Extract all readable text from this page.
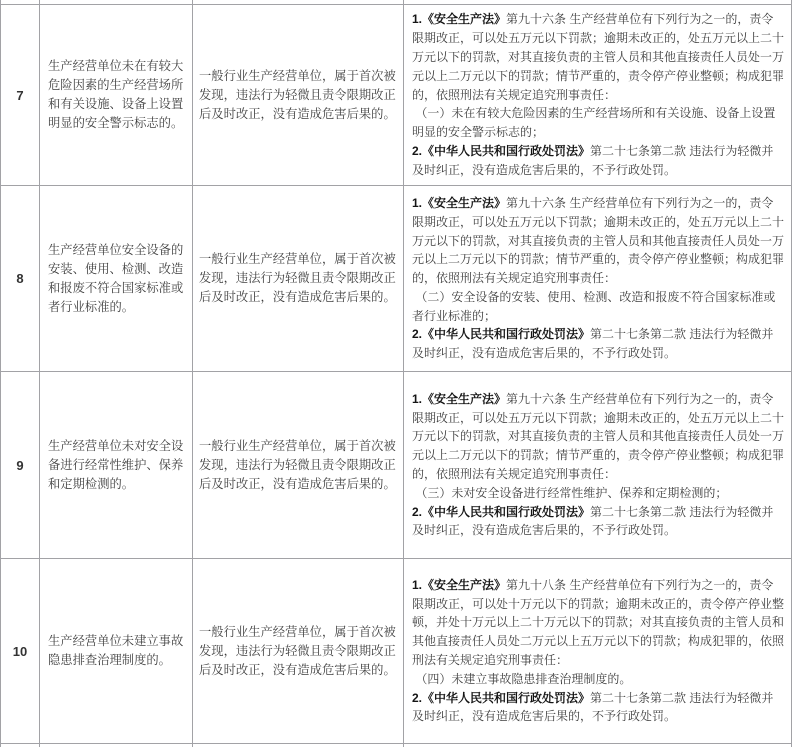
7	生产经营单位未在有较大危险因素的生产经营场所和有关设施、设备上设置明显的安全警示标志的。	一般行业生产经营单位，属于首次被发现，违法行为轻微且责令限期改正后及时改正，没有造成危害后果的。	1.《安全生产法》第九十六条 生产经营单位有下列行为之一的，责令限期改正，可以处五万元以下罚款；逾期未改正的，处五万元以上二十万元以下的罚款，对其直接负责的主管人员和其他直接责任人员处一万元以上二万元以下的罚款；情节严重的，责令停产停业整顿；构成犯罪的，依照刑法有关规定追究刑事责任：
（一）未在有较大危险因素的生产经营场所和有关设施、设备上设置明显的安全警示标志的；
2.《中华人民共和国行政处罚法》第二十七条第二款 违法行为轻微并及时纠正，没有造成危害后果的，不予行政处罚。

8	生产经营单位安全设备的安装、使用、检测、改造和报废不符合国家标准或者行业标准的。	一般行业生产经营单位，属于首次被发现，违法行为轻微且责令限期改正后及时改正，没有造成危害后果的。	1.《安全生产法》第九十六条 生产经营单位有下列行为之一的，责令限期改正，可以处五万元以下罚款；逾期未改正的，处五万元以上二十万元以下的罚款，对其直接负责的主管人员和其他直接责任人员处一万元以上二万元以下的罚款；情节严重的，责令停产停业整顿；构成犯罪的，依照刑法有关规定追究刑事责任：
（二）安全设备的安装、使用、检测、改造和报废不符合国家标准或者行业标准的；
2.《中华人民共和国行政处罚法》第二十七条第二款 违法行为轻微并及时纠正，没有造成危害后果的，不予行政处罚。

9	生产经营单位未对安全设备进行经常性维护、保养和定期检测的。	一般行业生产经营单位，属于首次被发现，违法行为轻微且责令限期改正后及时改正，没有造成危害后果的。	1.《安全生产法》第九十六条 生产经营单位有下列行为之一的，责令限期改正，可以处五万元以下罚款；逾期未改正的，处五万元以上二十万元以下的罚款，对其直接负责的主管人员和其他直接责任人员处一万元以上二万元以下的罚款；情节严重的，责令停产停业整顿；构成犯罪的，依照刑法有关规定追究刑事责任：
（三）未对安全设备进行经常性维护、保养和定期检测的；
2.《中华人民共和国行政处罚法》第二十七条第二款 违法行为轻微并及时纠正，没有造成危害后果的，不予行政处罚。

10	生产经营单位未建立事故隐患排查治理制度的。	一般行业生产经营单位，属于首次被发现，违法行为轻微且责令限期改正后及时改正，没有造成危害后果的。	1.《安全生产法》第九十八条 生产经营单位有下列行为之一的，责令限期改正，可以处十万元以下的罚款；逾期未改正的，责令停产停业整顿，并处十万元以上二十万元以下的罚款；对其直接负责的主管人员和其他直接责任人员处二万元以上五万元以下的罚款；构成犯罪的，依照刑法有关规定追究刑事责任：
（四）未建立事故隐患排查治理制度的。
2.《中华人民共和国行政处罚法》第二十七条第二款 违法行为轻微并及时纠正，没有造成危害后果的，不予行政处罚。
